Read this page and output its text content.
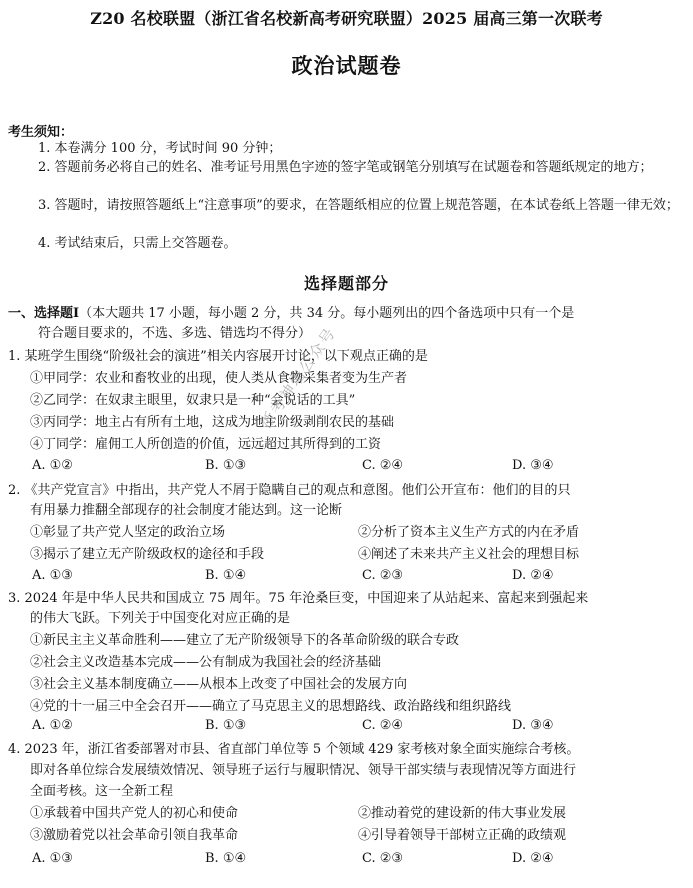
Z20 名校联盟（浙江省名校新高考研究联盟）2025 届高三第一次联考
政治试题卷
考生须知：
1. 本卷满分 100 分，考试时间 90 分钟；
2. 答题前务必将自己的姓名、准考证号用黑色字迹的签字笔或钢笔分别填写在试题卷和答题纸规定的地方；
3. 答题时，请按照答题纸上“注意事项”的要求，在答题纸相应的位置上规范答题，在本试卷纸上答题一律无效；
4. 考试结束后，只需上交答题卷。
选择题部分
一、选择题Ⅰ（本大题共 17 小题，每小题 2 分，共 34 分。每小题列出的四个备选项中只有一个是
符合题目要求的，不选、多选、错选均不得分）
1. 某班学生围绕“阶级社会的演进”相关内容展开讨论，以下观点正确的是
①甲同学：农业和畜牧业的出现，使人类从食物采集者变为生产者
②乙同学：在奴隶主眼里，奴隶只是一种“会说话的工具”
③丙同学：地主占有所有土地，这成为地主阶级剥削农民的基础
④丁同学：雇佣工人所创造的价值，远远超过其所得到的工资
A. ①②	B. ①③	C. ②④	D. ③④
2. 《共产党宣言》中指出，共产党人不屑于隐瞒自己的观点和意图。他们公开宣布：他们的目的只
有用暴力推翻全部现存的社会制度才能达到。这一论断
①彰显了共产党人坚定的政治立场	②分析了资本主义生产方式的内在矛盾
③揭示了建立无产阶级政权的途径和手段	④阐述了未来共产主义社会的理想目标
A. ①③	B. ①④	C. ②③	D. ②④
3. 2024 年是中华人民共和国成立 75 周年。75 年沧桑巨变，中国迎来了从站起来、富起来到强起来
的伟大飞跃。下列关于中国变化对应正确的是
①新民主主义革命胜利——建立了无产阶级领导下的各革命阶级的联合专政
②社会主义改造基本完成——公有制成为我国社会的经济基础
③社会主义基本制度确立——从根本上改变了中国社会的发展方向
④党的十一届三中全会召开——确立了马克思主义的思想路线、政治路线和组织路线
A. ①②	B. ①③	C. ②④	D. ③④
4. 2023 年，浙江省委部署对市县、省直部门单位等 5 个领域 429 家考核对象全面实施综合考核。
即对各单位综合发展绩效情况、领导班子运行与履职情况、领导干部实绩与表现情况等方面进行
全面考核。这一全新工程
①承载着中国共产党人的初心和使命	②推动着党的建设新的伟大事业发展
③激励着党以社会革命引领自我革命	④引导着领导干部树立正确的政绩观
A. ①③	B. ①④	C. ②③	D. ②④
浙考神墙公众号
